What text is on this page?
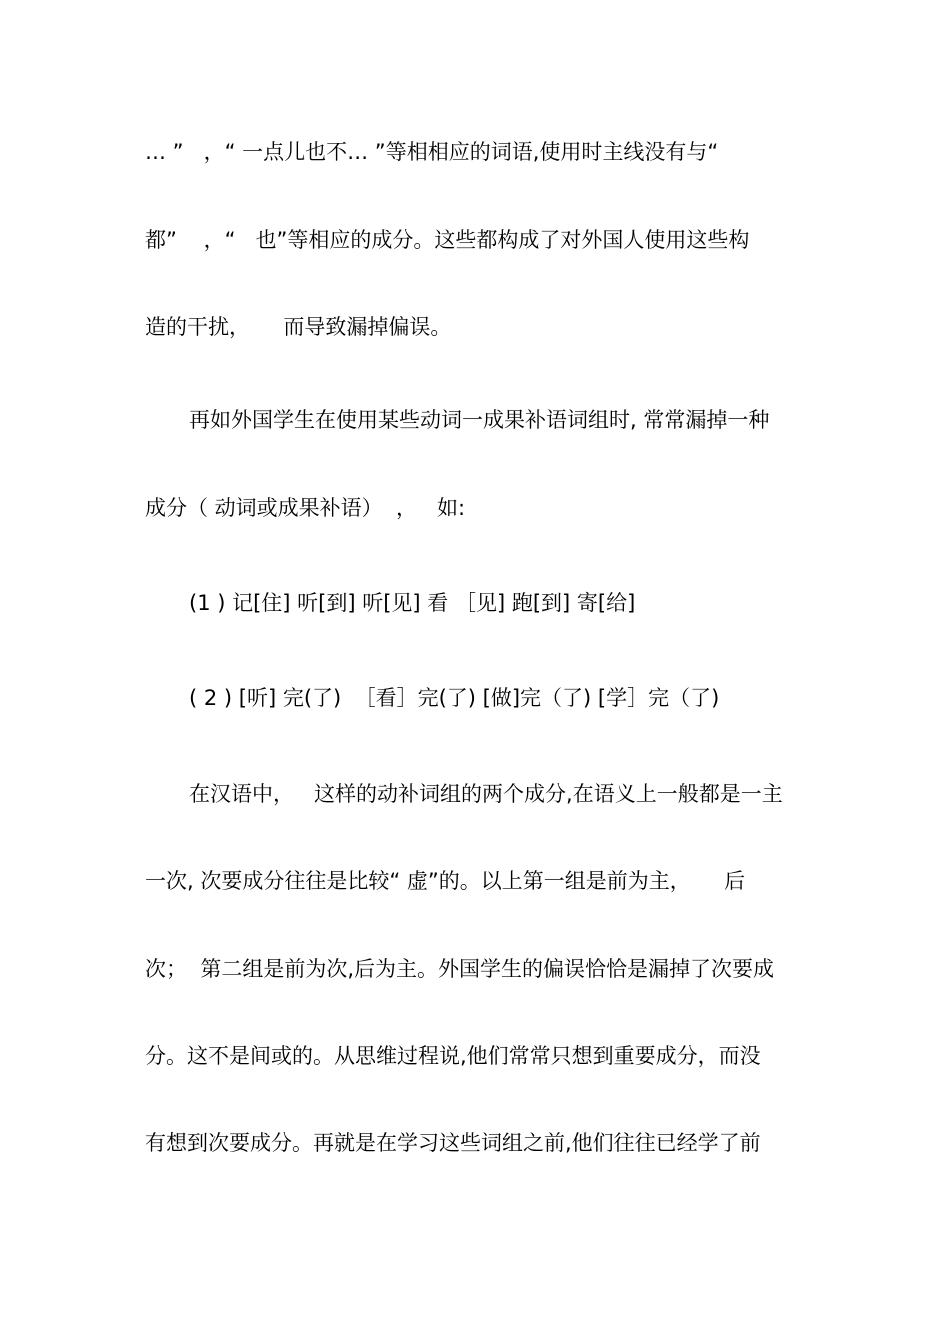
… ”   ，“ 一点儿也不… ”等相相应的词语,使用时主线没有与“
都”    ，“   也”等相应的成分。这些都构成了对外国人使用这些构
造的干扰，     而导致漏掉偏误。
再如外国学生在使用某些动词一成果补语词组时, 常常漏掉一种
成分（ 动词或成果补语）  ，   如:
(1 ) 记[住] 听[到] 听[见] 看 ［见] 跑[到] 寄[给]
( 2 ) [听] 完(了)  ［看］完(了) [做]完（了) [学］完（了)
在汉语中，   这样的动补词组的两个成分,在语义上一般都是一主
一次, 次要成分往往是比较“ 虚”的。以上第一组是前为主，     后
次；  第二组是前为次,后为主。外国学生的偏误恰恰是漏掉了次要成
分。这不是间或的。从思维过程说,他们常常只想到重要成分，而没
有想到次要成分。再就是在学习这些词组之前,他们往往已经学了前
